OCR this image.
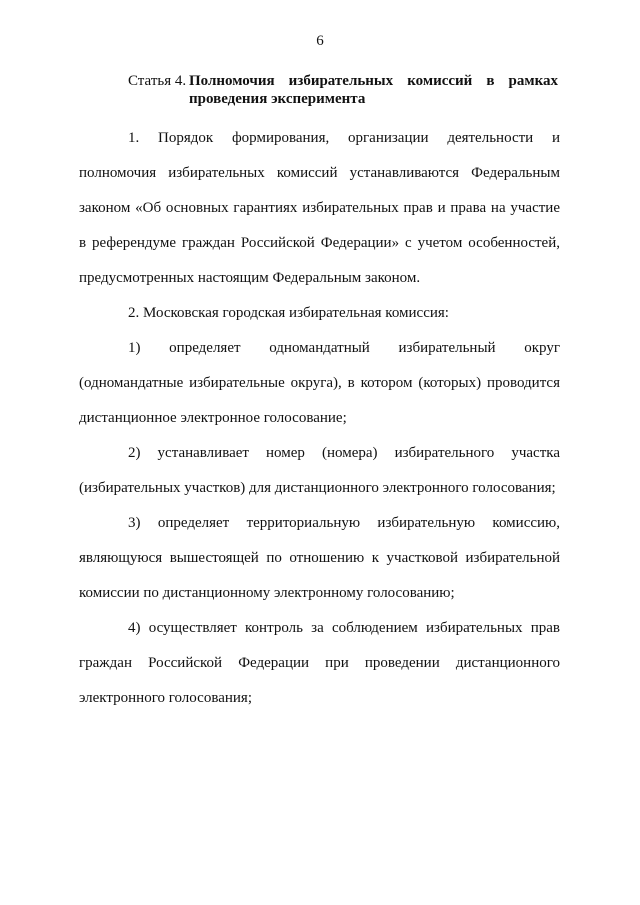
6
Статья 4. Полномочия избирательных комиссий в рамках проведения эксперимента

1. Порядок формирования, организации деятельности и полномочия избирательных комиссий устанавливаются Федеральным законом «Об основных гарантиях избирательных прав и права на участие в референдуме граждан Российской Федерации» с учетом особенностей, предусмотренных настоящим Федеральным законом.

2. Московская городская избирательная комиссия:

1) определяет одномандатный избирательный округ (одномандатные избирательные округа), в котором (которых) проводится дистанционное электронное голосование;

2) устанавливает номер (номера) избирательного участка (избирательных участков) для дистанционного электронного голосования;

3) определяет территориальную избирательную комиссию, являющуюся вышестоящей по отношению к участковой избирательной комиссии по дистанционному электронному голосованию;

4) осуществляет контроль за соблюдением избирательных прав граждан Российской Федерации при проведении дистанционного электронного голосования;
